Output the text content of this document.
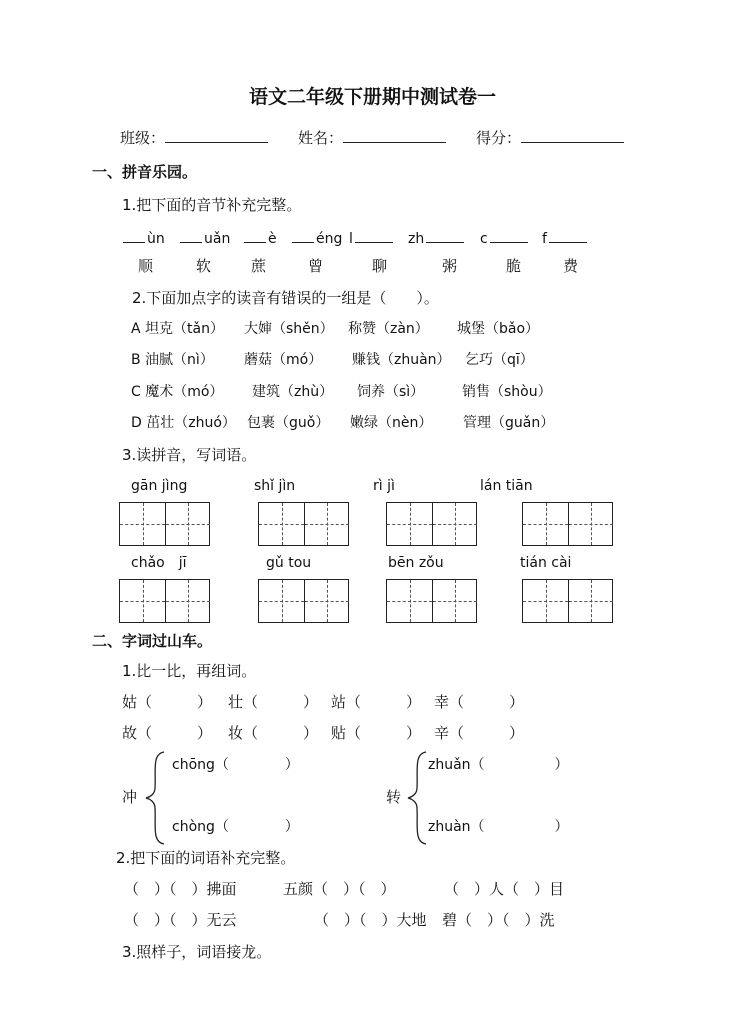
语文二年级下册期中测试卷一
班级：	姓名：	得分：
一、拼音乐园。
1.把下面的音节补充完整。
ùn	uǎn	è	éng l	zh	c	f
顺	软	蔗	曾	聊	粥	脆	费
2.下面加点字的读音有错误的一组是（　　）。
A 坦克（tǎn） 大婶（shěn） 称赞（zàn） 城堡（bǎo）
B 油腻（nì） 蘑菇（mó） 赚钱（zhuàn） 乞巧（qī）
C 魔术（mó） 建筑（zhù） 饲养（sì）	销售（shòu）
D 茁壮（zhuó） 包裹（guǒ） 嫩绿（nèn） 管理（guǎn）
3.读拼音，写词语。
gān jìng	shǐ jìn	rì jì	lán tiān
chǎo　jī	gǔ tou	bēn zǒu	tián cài
二、字词过山车。
1.比一比，再组词。
姑（　　　） 壮（　　　） 站（　　　） 幸（　　　）
故（　　　） 妆（　　　） 贴（　　　） 辛（　　　）
冲
chōng（　　　　）
chòng（　　　　）
转
zhuǎn（　　　　　）
zhuàn（　　　　　）
2.把下面的词语补充完整。
（　）（　）拂面	五颜（　）（　）	（　）人（　）目
（　）（　）无云	（　）（　）大地 碧（　）（　）洗
3.照样子，词语接龙。
